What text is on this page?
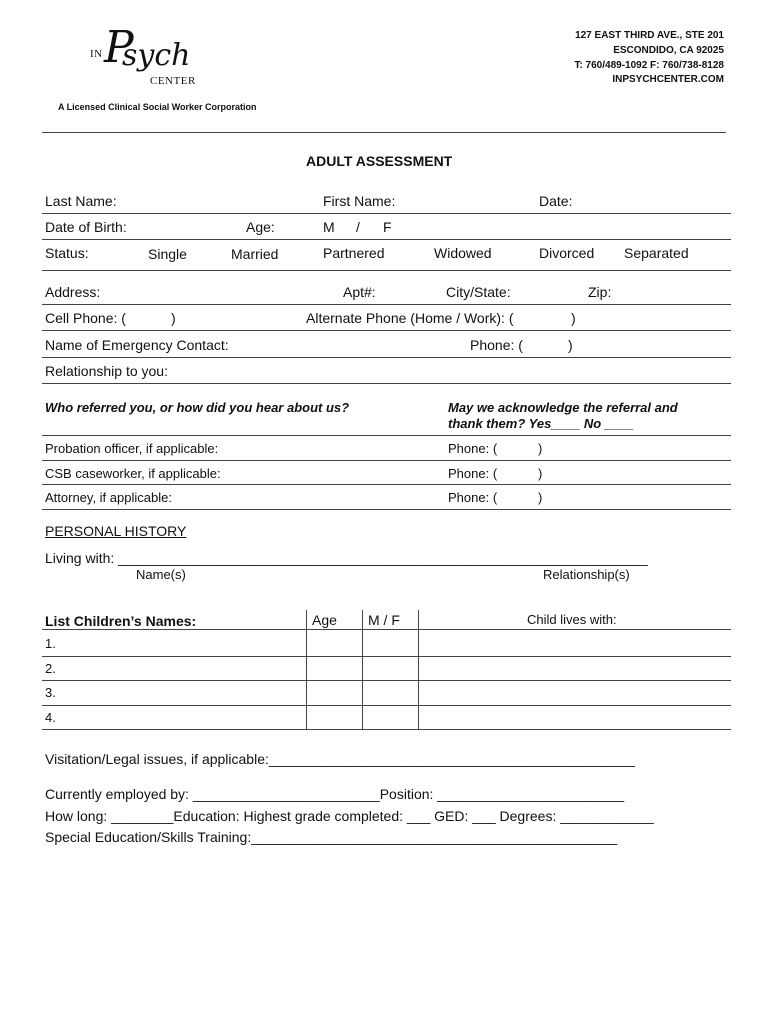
IN P
sych
CENTER
A Licensed Clinical Social Worker Corporation
127 EAST THIRD AVE., STE 201
ESCONDIDO, CA 92025
T: 760/489-1092 F: 760/738-8128
INPSYCHCENTER.COM
ADULT ASSESSMENT
Last Name:	First Name:	Date:
Date of Birth:	Age:	M / F
Status:	Single	Married	Partnered	Widowed	Divorced Separated
Address:	Apt#:	City/State:	Zip:
Cell Phone: (	)	Alternate Phone (Home / Work): (	)
Name of Emergency Contact:	Phone: (	)
Relationship to you:
Who referred you, or how did you hear about us?	May we acknowledge the referral and
thank them? Yes____ No ____
Probation officer, if applicable:	Phone: (	)
CSB caseworker, if applicable:	Phone: (	)
Attorney, if applicable:	Phone: (	)
PERSONAL HISTORY
Living with: ____________________________________________________________________
Name(s)	Relationship(s)
List Children’s Names:	Age M / F	Child lives with:
1.
2.
3.
4.
Visitation/Legal issues, if applicable:_______________________________________________
Currently employed by: ________________________Position: ________________________
How long: ________Education: Highest grade completed: ___ GED: ___ Degrees: ____________
Special Education/Skills Training:_______________________________________________
